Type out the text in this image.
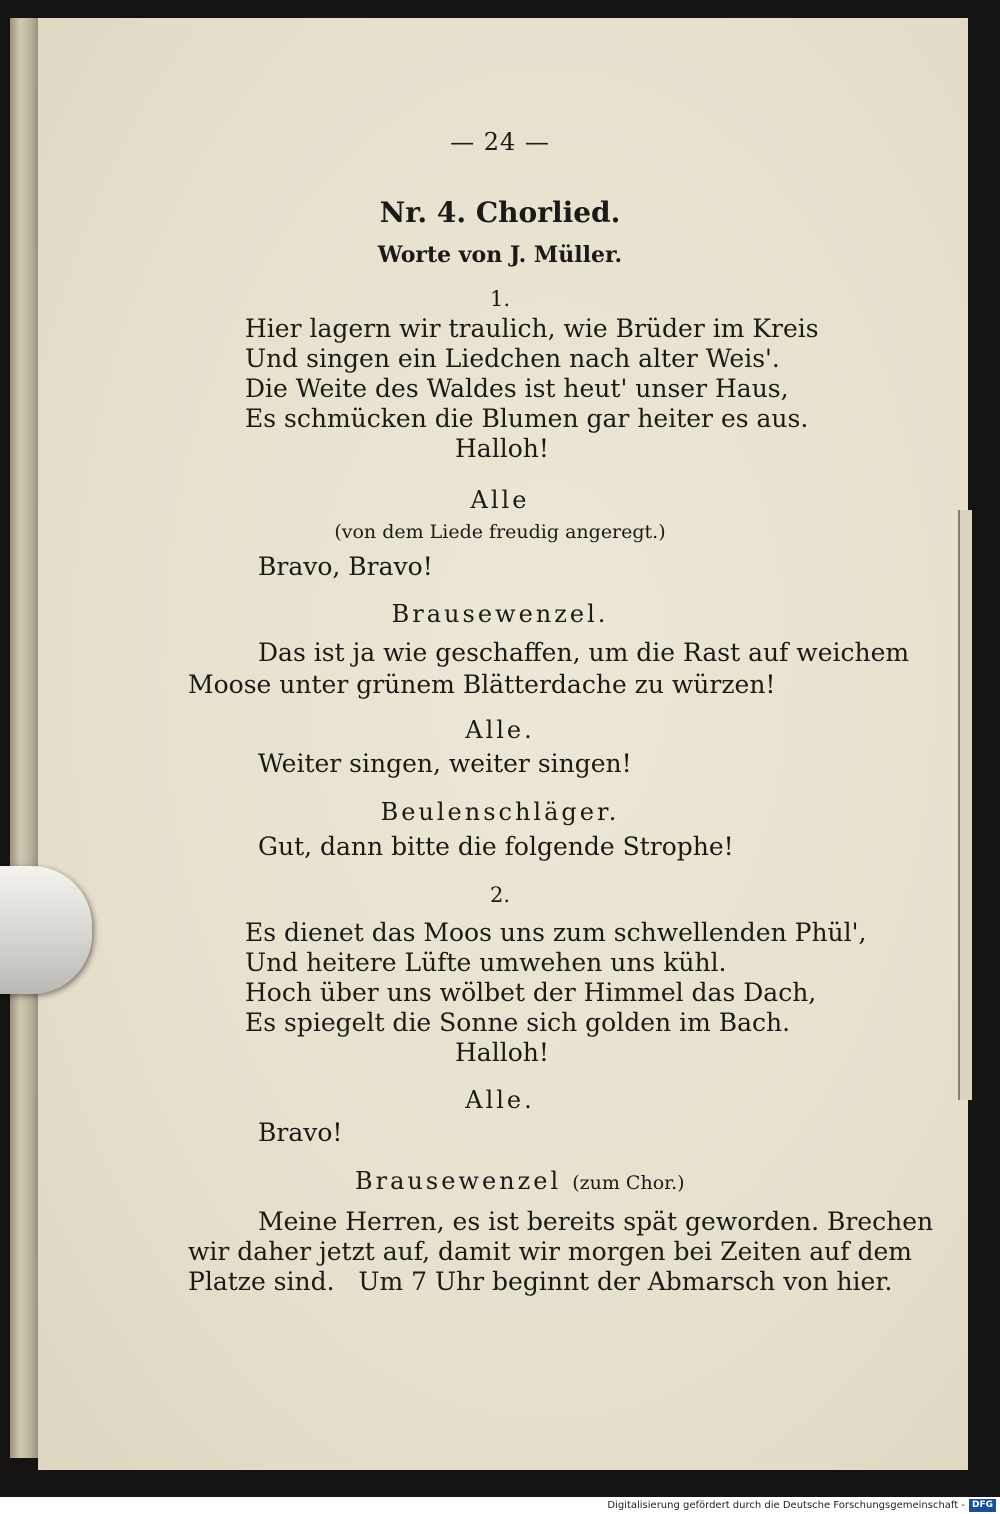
— 24 —
Nr. 4. Chorlied.
Worte von J. Müller.
1.
Hier lagern wir traulich, wie Brüder im Kreis
Und singen ein Liedchen nach alter Weis'.
Die Weite des Waldes ist heut' unser Haus,
Es schmücken die Blumen gar heiter es aus.
Halloh!
Alle
(von dem Liede freudig angeregt.)
Bravo, Bravo!
Brausewenzel.
Das ist ja wie geschaffen, um die Rast auf weichem
Moose unter grünem Blätterdache zu würzen!
Alle.
Weiter singen, weiter singen!
Beulenschläger.
Gut, dann bitte die folgende Strophe!
2.
Es dienet das Moos uns zum schwellenden Phül',
Und heitere Lüfte umwehen uns kühl.
Hoch über uns wölbet der Himmel das Dach,
Es spiegelt die Sonne sich golden im Bach.
Halloh!
Alle.
Bravo!
Brausewenzel (zum Chor.)
Meine Herren, es ist bereits spät geworden. Brechen
wir daher jetzt auf, damit wir morgen bei Zeiten auf dem
Platze sind.   Um 7 Uhr beginnt der Abmarsch von hier.
Digitalisierung gefördert durch die Deutsche Forschungsgemeinschaft - DFG
